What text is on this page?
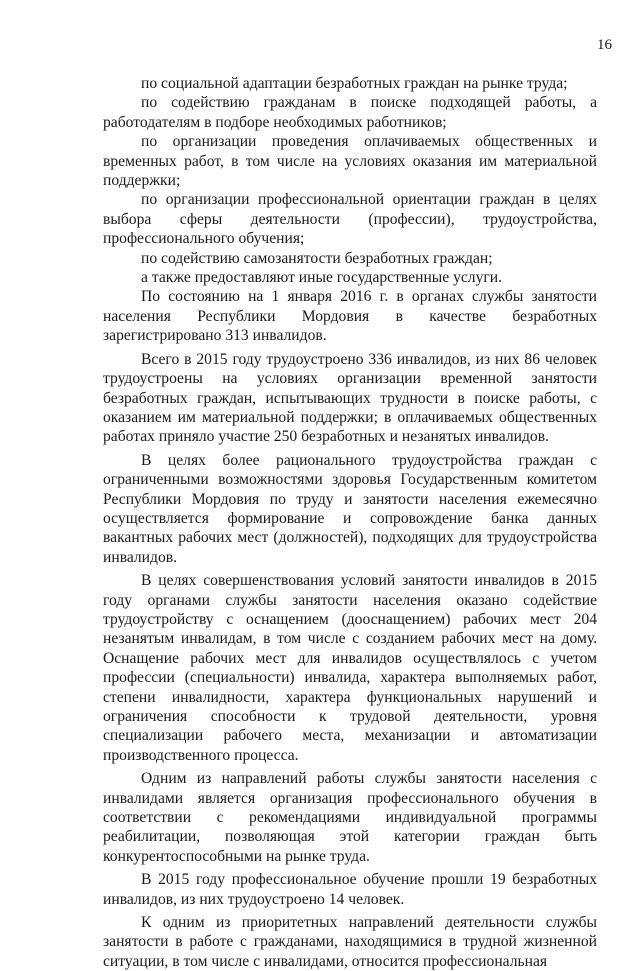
16

по социальной адаптации безработных граждан на рынке труда;

по содействию гражданам в поиске подходящей работы, а работодателям в подборе необходимых работников;

по организации проведения оплачиваемых общественных и временных работ, в том числе на условиях оказания им материальной поддержки;

по организации профессиональной ориентации граждан в целях выбора сферы деятельности (профессии), трудоустройства, профессионального обучения;

по содействию самозанятости безработных граждан;

а также предоставляют иные государственные услуги.

По состоянию на 1 января 2016 г. в органах службы занятости населения Республики Мордовия в качестве безработных зарегистрировано 313 инвалидов.

Всего в 2015 году трудоустроено 336 инвалидов, из них 86 человек трудоустроены на условиях организации временной занятости безработных граждан, испытывающих трудности в поиске работы, с оказанием им материальной поддержки; в оплачиваемых общественных работах приняло участие 250 безработных и незанятых инвалидов.

В целях более рационального трудоустройства граждан с ограниченными возможностями здоровья Государственным комитетом Республики Мордовия по труду и занятости населения ежемесячно осуществляется формирование и сопровождение банка данных вакантных рабочих мест (должностей), подходящих для трудоустройства инвалидов.

В целях совершенствования условий занятости инвалидов в 2015 году органами службы занятости населения оказано содействие трудоустройству с оснащением (дооснащением) рабочих мест 204 незанятым инвалидам, в том числе с созданием рабочих мест на дому. Оснащение рабочих мест для инвалидов осуществлялось с учетом профессии (специальности) инвалида, характера выполняемых работ, степени инвалидности, характера функциональных нарушений и ограничения способности к трудовой деятельности, уровня специализации рабочего места, механизации и автоматизации производственного процесса.

Одним из направлений работы службы занятости населения с инвалидами является организация профессионального обучения в соответствии с рекомендациями индивидуальной программы реабилитации, позволяющая этой категории граждан быть конкурентоспособными на рынке труда.

В 2015 году профессиональное обучение прошли 19 безработных инвалидов, из них трудоустроено 14 человек.

К одним из приоритетных направлений деятельности службы занятости в работе с гражданами, находящимися в трудной жизненной ситуации, в том числе с инвалидами, относится профессиональная
